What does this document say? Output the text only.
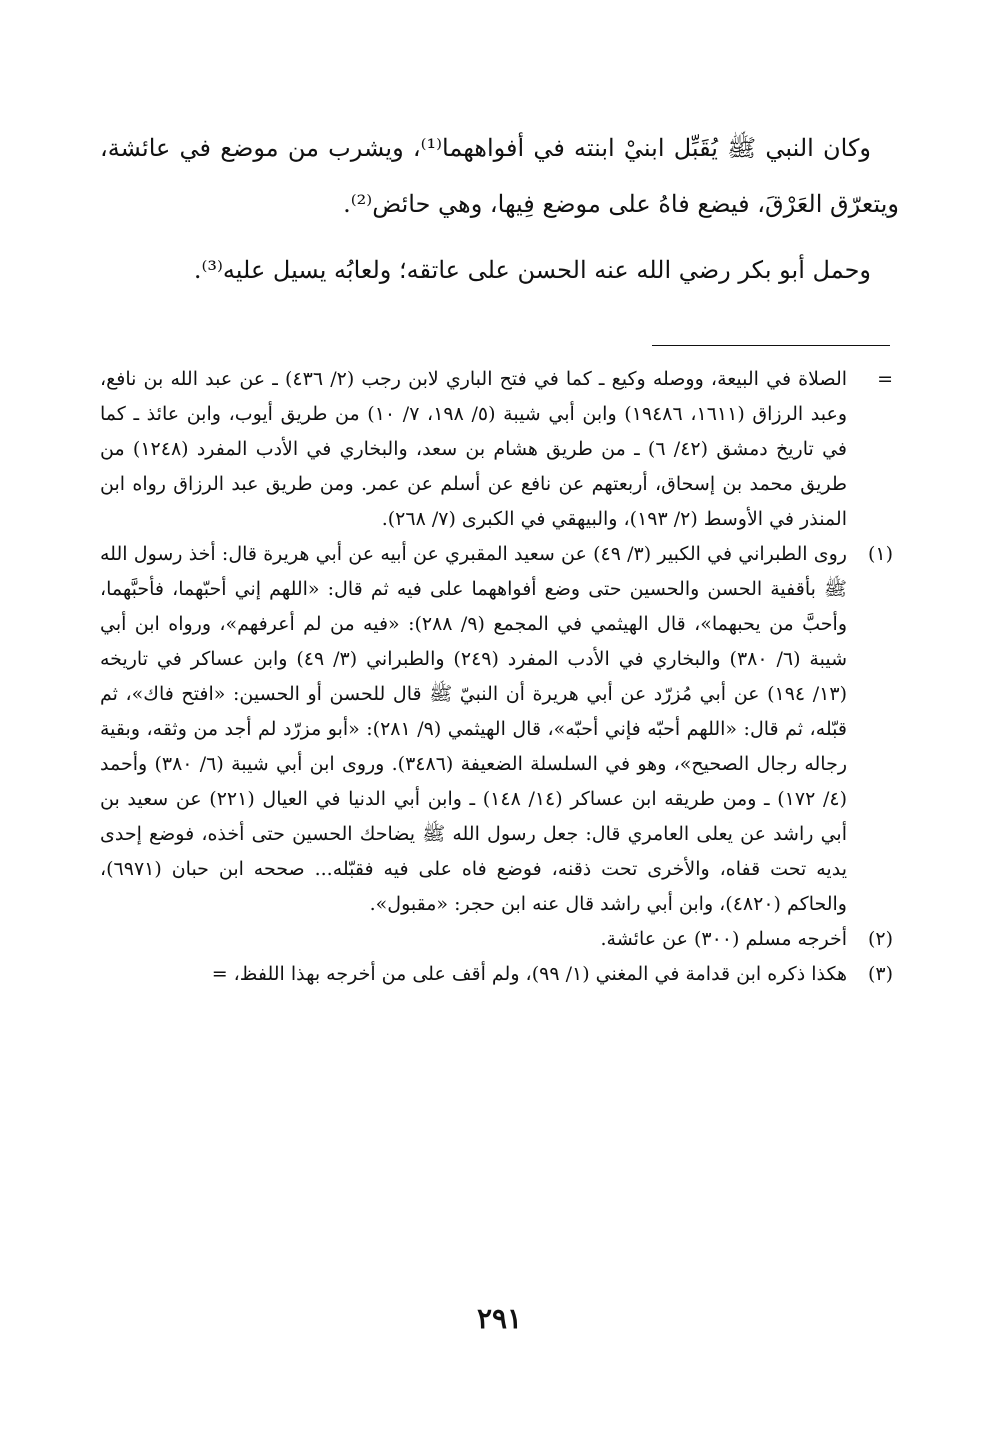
وكان النبي ﷺ يُقَبِّل ابنيْ ابنته في أفواههما⁽¹⁾، ويشرب من موضع في عائشة، ويتعرّق العَرْقَ، فيضع فاهُ على موضع فِيها، وهي حائض⁽²⁾.

وحمل أبو بكر رضي الله عنه الحسن على عاتقه؛ ولعابُه يسيل عليه⁽³⁾.

=
الصلاة في البيعة، ووصله وكيع ـ كما في فتح الباري لابن رجب (٢/ ٤٣٦) ـ عن عبد الله بن نافع، وعبد الرزاق (١٦١١، ١٩٤٨٦) وابن أبي شيبة (٥/ ١٩٨، ٧/ ١٠) من طريق أيوب، وابن عائذ ـ كما في تاريخ دمشق (٤٢/ ٦) ـ من طريق هشام بن سعد، والبخاري في الأدب المفرد (١٢٤٨) من طريق محمد بن إسحاق، أربعتهم عن نافع عن أسلم عن عمر. ومن طريق عبد الرزاق رواه ابن المنذر في الأوسط (٢/ ١٩٣)، والبيهقي في الكبرى (٧/ ٢٦٨).
(١)
روى الطبراني في الكبير (٣/ ٤٩) عن سعيد المقبري عن أبيه عن أبي هريرة قال: أخذ رسول الله ﷺ بأقفية الحسن والحسين حتى وضع أفواههما على فيه ثم قال: «اللهم إني أحبّهما، فأحبَّهما، وأحبَّ من يحبهما»، قال الهيثمي في المجمع (٩/ ٢٨٨): «فيه من لم أعرفهم»، ورواه ابن أبي شيبة (٦/ ٣٨٠) والبخاري في الأدب المفرد (٢٤٩) والطبراني (٣/ ٤٩) وابن عساكر في تاريخه (١٣/ ١٩٤) عن أبي مُزرّد عن أبي هريرة أن النبيّ ﷺ قال للحسن أو الحسين: «افتح فاك»، ثم قبّله، ثم قال: «اللهم أحبّه فإني أحبّه»، قال الهيثمي (٩/ ٢٨١): «أبو مزرّد لم أجد من وثقه، وبقية رجاله رجال الصحيح»، وهو في السلسلة الضعيفة (٣٤٨٦). وروى ابن أبي شيبة (٦/ ٣٨٠) وأحمد (٤/ ١٧٢) ـ ومن طريقه ابن عساكر (١٤/ ١٤٨) ـ وابن أبي الدنيا في العيال (٢٢١) عن سعيد بن أبي راشد عن يعلى العامري قال: جعل رسول الله ﷺ يضاحك الحسين حتى أخذه، فوضع إحدى يديه تحت قفاه، والأخرى تحت ذقنه، فوضع فاه على فيه فقبّله... صححه ابن حبان (٦٩٧١)، والحاكم (٤٨٢٠)، وابن أبي راشد قال عنه ابن حجر: «مقبول».
(٢)
أخرجه مسلم (٣٠٠) عن عائشة.
(٣)
هكذا ذكره ابن قدامة في المغني (١/ ٩٩)، ولم أقف على من أخرجه بهذا اللفظ، =
٢٩١
